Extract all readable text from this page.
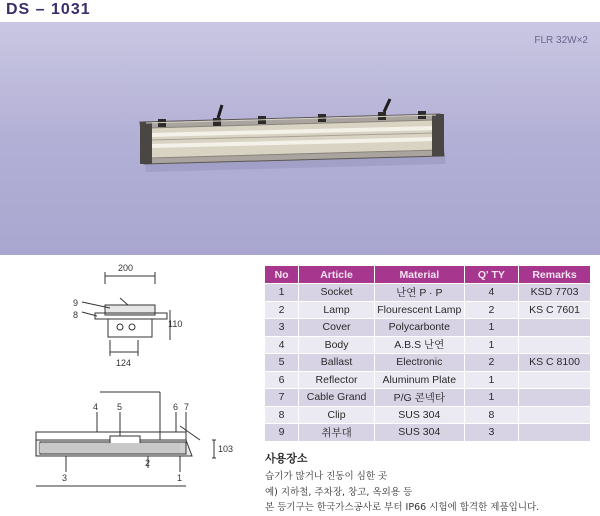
DS – 1031
FLR 32W×2
200
110
124
9
8
4 5	6 7
3
2
1
103
No	Article	Material	Q' TY	Remarks
1	Socket	난연 P · P	4	KSD 7703
2	Lamp	Flourescent Lamp	2	KS C 7601
3	Cover	Polycarbonte	1	
4	Body	A.B.S 난연	1	
5	Ballast	Electronic	2	KS C 8100
6	Reflector	Aluminum Plate	1	
7	Cable Grand	P/G 콘넥타	1	
8	Clip	SUS 304	8	
9	취부대	SUS 304	3	
사용장소
습기가 많거나 진동이 심한 곳
예) 지하철, 주차장, 창고, 옥외용 등
본 등기구는 한국가스공사로 부터 IP66 시험에 합격한 제품입니다.
